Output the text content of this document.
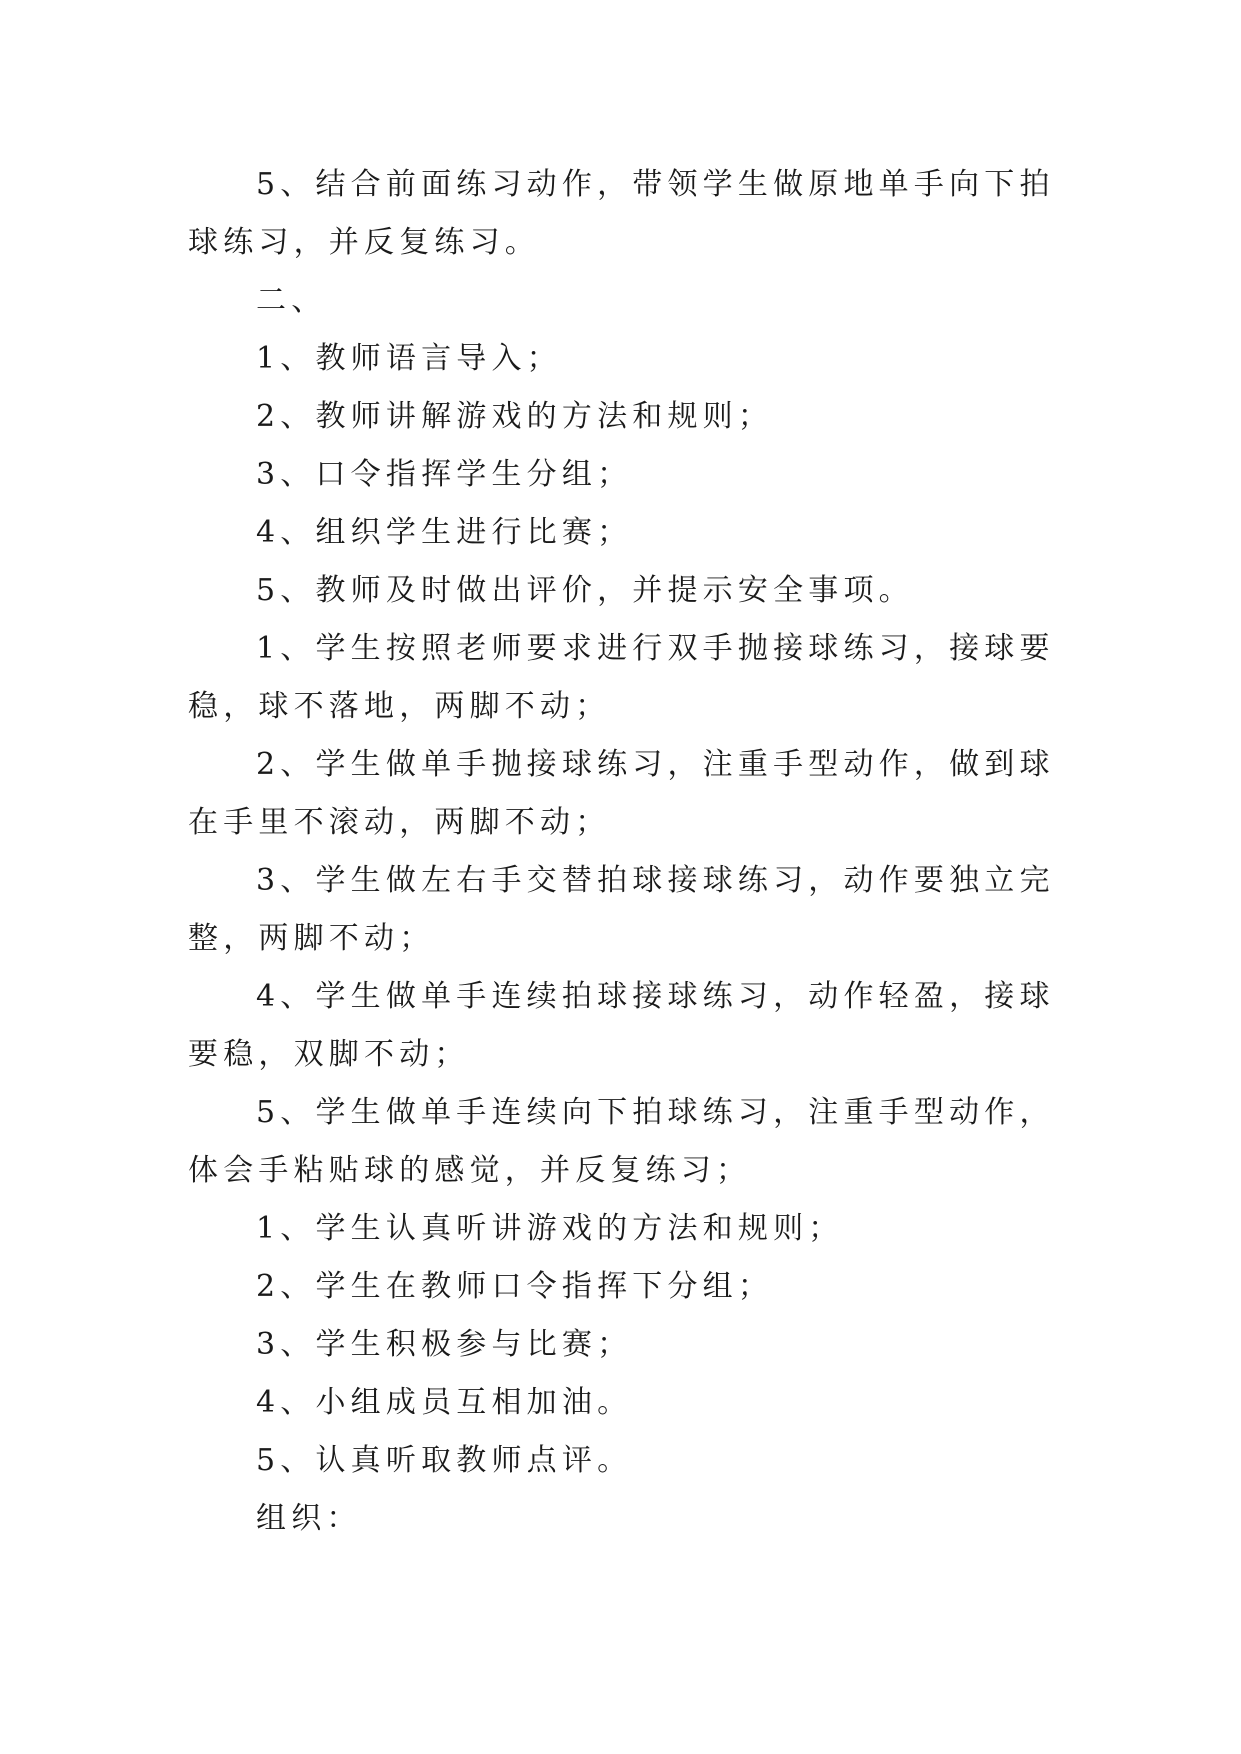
5、结合前面练习动作，带领学生做原地单手向下拍球练习，并反复练习。

二、

1、教师语言导入；

2、教师讲解游戏的方法和规则；

3、口令指挥学生分组；

4、组织学生进行比赛；

5、教师及时做出评价，并提示安全事项。

1、学生按照老师要求进行双手抛接球练习，接球要稳，球不落地，两脚不动；

2、学生做单手抛接球练习，注重手型动作，做到球在手里不滚动，两脚不动；

3、学生做左右手交替拍球接球练习，动作要独立完整，两脚不动；

4、学生做单手连续拍球接球练习，动作轻盈，接球要稳，双脚不动；

5、学生做单手连续向下拍球练习，注重手型动作，体会手粘贴球的感觉，并反复练习；

1、学生认真听讲游戏的方法和规则；

2、学生在教师口令指挥下分组；

3、学生积极参与比赛；

4、小组成员互相加油。

5、认真听取教师点评。

组织：
